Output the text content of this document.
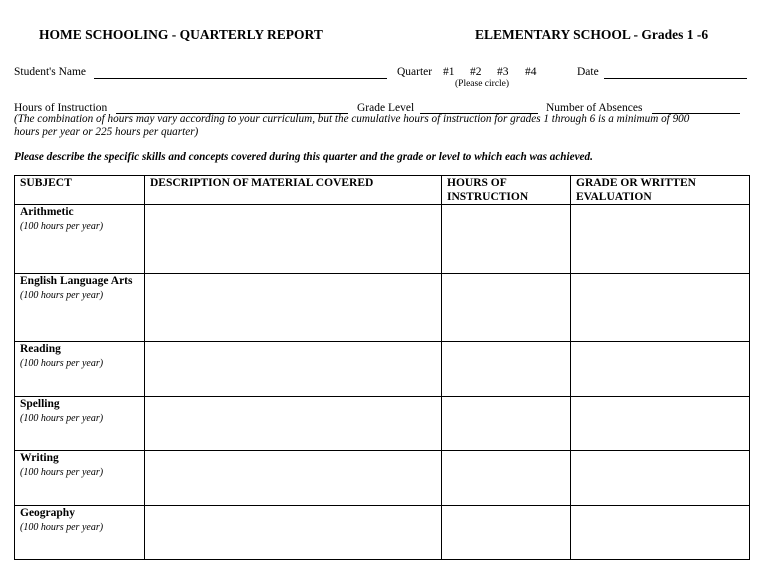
HOME SCHOOLING - QUARTERLY REPORT	ELEMENTARY SCHOOL - Grades 1 -6
Student's Name	Quarter #1 #2 #3 #4
(Please circle)
Date
Hours of Instruction	Grade Level	Number of Absences
(The combination of hours may vary according to your curriculum, but the cumulative hours of instruction for grades 1 through 6 is a minimum of 900
hours per year or 225 hours per quarter)
Please describe the specific skills and concepts covered during this quarter and the grade or level to which each was achieved.
SUBJECT	DESCRIPTION OF MATERIAL COVERED	HOURS OF INSTRUCTION	GRADE OR WRITTEN EVALUATION

Arithmetic
(100 hours per year)			

English Language Arts
(100 hours per year)			

Reading
(100 hours per year)			

Spelling
(100 hours per year)			

Writing
(100 hours per year)			

Geography
(100 hours per year)			
